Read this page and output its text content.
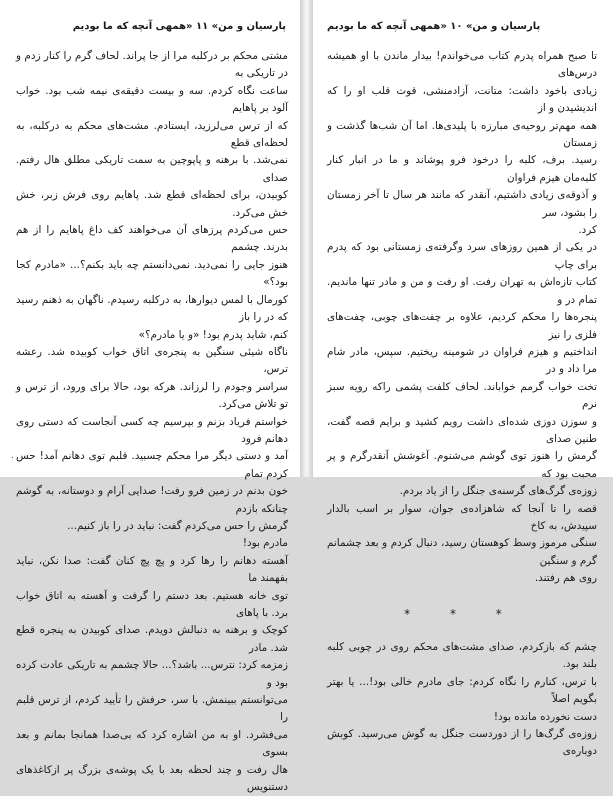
پارسیان و من» ۱۱ «همهی آنچه که ما بودیم

مشتی محکم بر درکلبه مرا از جا پراند. لحاف گرم را کنار زدم و در تاریکی به

ساعت نگاه کردم. سه و بیست دقیقه‌ی نیمه شب بود. خواب آلود بر پاهایم

که از ترس می‌لرزید، ایستادم. مشت‌های محکم به درکلبه، به لحظه‌ای قطع

نمی‌شد. با برهنه و پاپوچین به سمت تاریکی مطلق هال رفتم. صدای

کوبیدن، برای لحظه‌ای قطع شد. پاهایم روی فرش زبر، خش خش می‌کرد.

حس می‌کردم پرزهای آن می‌خواهند کف داغ پاهایم را از هم بدرند. چشمم

هنوز جایی را نمی‌دید. نمی‌دانستم چه باید بکنم؟... «مادرم کجا بود؟»

کورمال با لمس دیوارها، به درکلبه رسیدم. ناگهان به ذهنم رسید که در را باز

کنم، شاید پدرم بود! «و یا مادرم؟»

ناگاه شیئی سنگین به پنجره‌ی اتاق خواب کوبیده شد. رعشه ترس،

سراسر وجودم را لرزاند. هرکه بود، حالا برای ورود، از ترس و تو تلاش می‌کرد.

خواستم فریاد بزنم و بپرسیم چه کسی آنجاست که دستی روی دهانم فرود

آمد و دستی دیگر مرا محکم چسبید. قلبم توی دهانم آمد! حس کردم تمام

خون بدنم در زمین فرو رفت! صدایی آرام و دوستانه، به گوشم چنانکه بازدم

گرمش را حس می‌کردم گفت: نباید در را باز کنیم...

مادرم بود!

آهسته دهانم را رها کرد و پچ پچ کنان گفت: صدا نکن، نباید بفهمند ما

توی خانه هستیم. بعد دستم را گرفت و آهسته به اتاق خواب برد. با پاهای

کوچک و برهنه به دنبالش دویدم. صدای کوبیدن به پنجره قطع شد. مادر

زمزمه کرد: نترس... باشد؟... حالا چشمم به تاریکی عادت کرده بود و

می‌توانستم ببینمش. با سر، حرفش را تأیید کردم، از ترس قلبم را

می‌فشرد. او به من اشاره کرد که بی‌صدا همانجا بمانم و بعد بسوی

هال رفت و چند لحظه بعد با یک پوشه‌ی بزرگ پر ازکاغذهای دستنویس

۰
پارسیان و من» ۱۰ «همهی آنچه که ما بودیم

تا صبح همراه پدرم کتاب می‌خواندم! بیدار ماندن با او همیشه درس‌های

زیادی باخود داشت: متانت، آزادمنشی، قوت قلب او را که اندیشیدن و از

همه مهم‌تر روحیه‌ی مبارزه با پلیدی‌ها. اما آن شب‌ها گذشت و زمستان

رسید. برف، کلبه را درخود فرو پوشاند و ما در انبار کنار کلبه‌مان هیزم فراوان

و آذوقه‌ی زیادی داشتیم، آنقدر که مانند هر سال تا آخر زمستان را بشود، سر

کرد.

در یکی از همین روزهای سرد وگرفته‌ی زمستانی بود که پدرم برای چاپ

کتاب تازه‌اش به تهران رفت. او رفت و من و مادر تنها ماندیم. تمام در و

پنجره‌ها را محکم کردیم، علاوه بر چفت‌های چوبی، چفت‌های فلزی را نیز

انداختیم و هیزم فراوان در شومینه ریختیم. سپس، مادر شام مرا داد و در

تخت خواب گرمم خواباند. لحاف کلفت پشمی راکه رویه سبز نرم

و سوزن دوزی شده‌ای داشت رویم کشید و برایم قصه گفت، طنین صدای

گرمش را هنوز توی گوشم می‌شنوم. آغوشش آنقدرگرم و پر محبت بود که

زوزه‌ی گرگ‌های گرسنه‌ی جنگل را از یاد بردم.

قصه را تا آنجا که شاهزاده‌ی جوان، سوار بر اسب بالدار سپیدش، به کاخ

سنگی مرموز وسط کوهستان رسید، دنبال کردم و بعد چشمانم گرم و سنگین

روی هم رفتند.

* * *

چشم که بازکردم، صدای مشت‌های محکم روی در چوبی کلبه بلند بود.

با ترس، کنارم را نگاه کردم: جای مادرم خالی بود!... یا بهتر بگویم اصلاً

دست نخورده مانده بود!

زوزه‌ی گرگ‌ها را از دوردست جنگل به گوش می‌رسید. کوبش دوباره‌ی
